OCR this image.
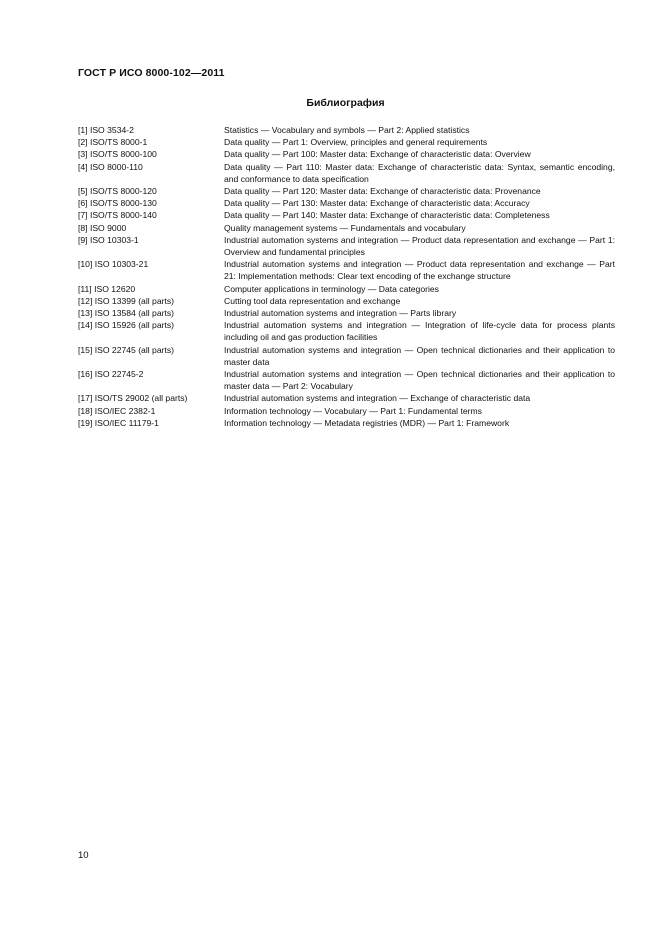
ГОСТ Р ИСО 8000-102—2011
Библиография
[1] ISO 3534-2	Statistics — Vocabulary and symbols — Part 2: Applied statistics
[2] ISO/TS 8000-1	Data quality — Part 1: Overview, principles and general requirements
[3] ISO/TS 8000-100	Data quality — Part 100: Master data: Exchange of characteristic data: Overview
[4] ISO 8000-110	Data quality — Part 110: Master data: Exchange of characteristic data: Syntax, semantic encoding, and conformance to data specification
[5] ISO/TS 8000-120	Data quality — Part 120: Master data: Exchange of characteristic data: Provenance
[6] ISO/TS 8000-130	Data quality — Part 130: Master data: Exchange of characteristic data: Accuracy
[7] ISO/TS 8000-140	Data quality — Part 140: Master data: Exchange of characteristic data: Completeness
[8] ISO 9000	Quality management systems — Fundamentals and vocabulary
[9] ISO 10303-1	Industrial automation systems and integration — Product data representation and exchange — Part 1: Overview and fundamental principles
[10] ISO 10303-21	Industrial automation systems and integration — Product data representation and exchange — Part 21: Implementation methods: Clear text encoding of the exchange structure
[11] ISO 12620	Computer applications in terminology — Data categories
[12] ISO 13399 (all parts)	Cutting tool data representation and exchange
[13] ISO 13584 (all parts)	Industrial automation systems and integration — Parts library
[14] ISO 15926 (all parts)	Industrial automation systems and integration — Integration of life-cycle data for process plants including oil and gas production facilities
[15] ISO 22745 (all parts)	Industrial automation systems and integration — Open technical dictionaries and their application to master data
[16] ISO 22745-2	Industrial automation systems and integration — Open technical dictionaries and their application to master data — Part 2: Vocabulary
[17] ISO/TS 29002 (all parts)	Industrial automation systems and integration — Exchange of characteristic data
[18] ISO/IEC 2382-1	Information technology — Vocabulary — Part 1: Fundamental terms
[19] ISO/IEC 11179-1	Information technology — Metadata registries (MDR) — Part 1: Framework
10
